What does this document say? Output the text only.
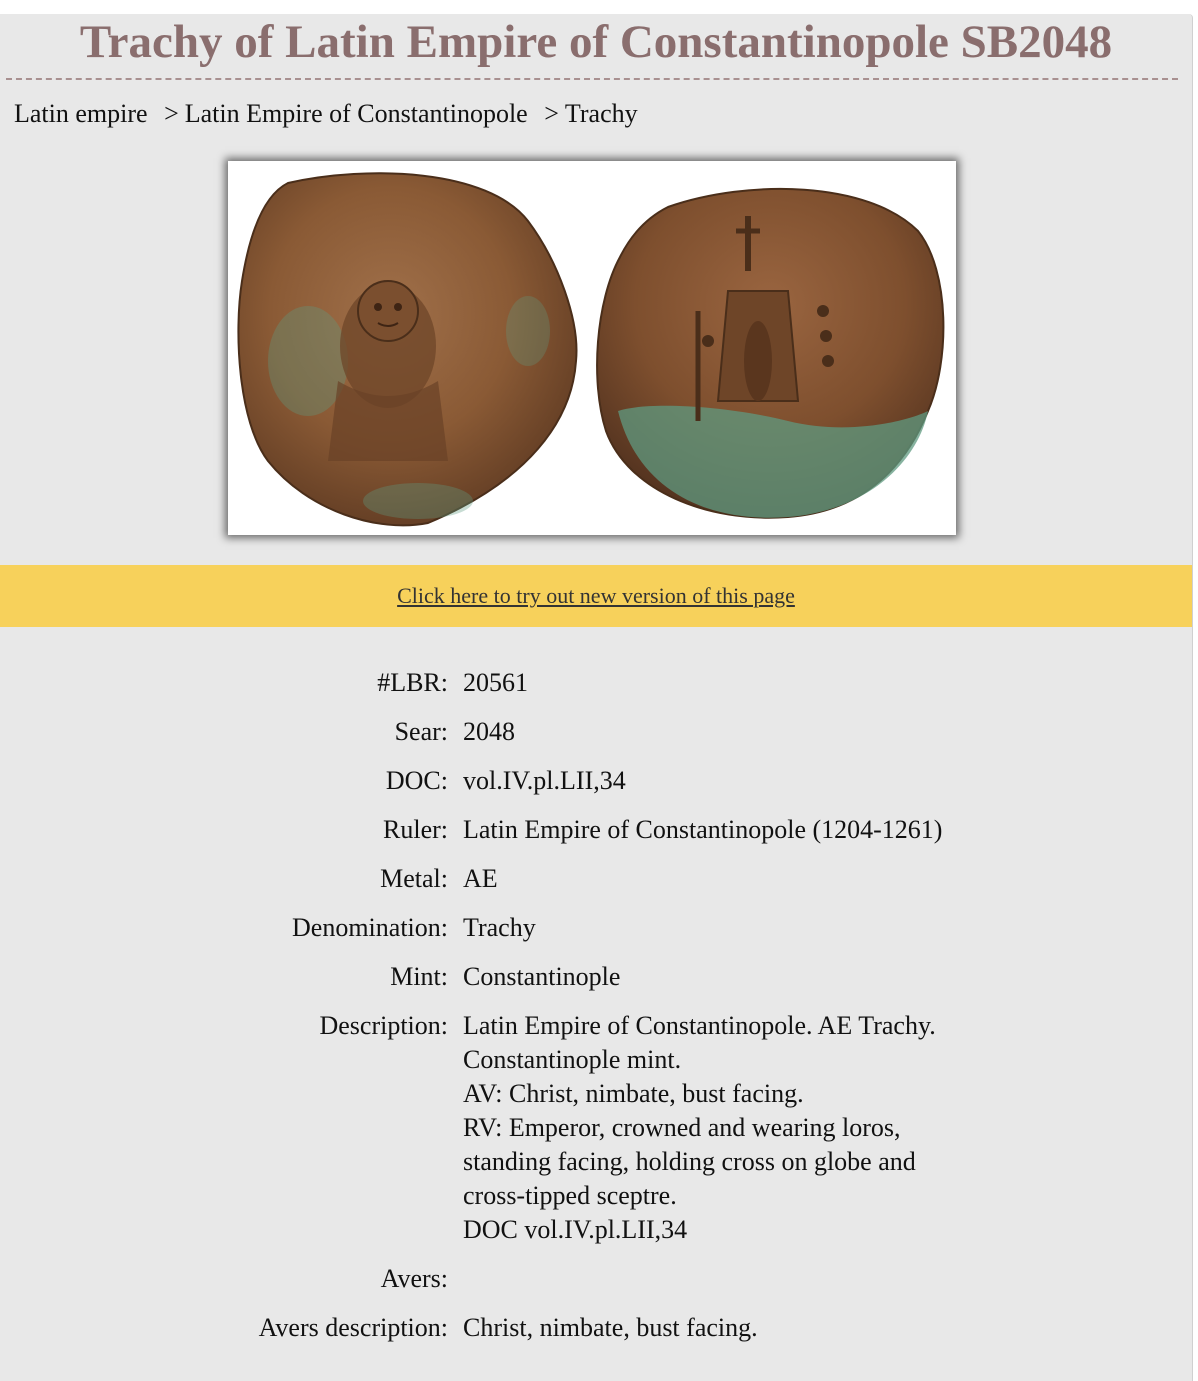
Trachy of Latin Empire of Constantinopole SB2048
Latin empire > Latin Empire of Constantinopole > Trachy
Click here to try out new version of this page
#LBR: 20561
Sear: 2048
DOC: vol.IV.pl.LII,34
Ruler: Latin Empire of Constantinopole (1204-1261)
Metal: AE
Denomination: Trachy
Mint: Constantinople
Description: Latin Empire of Constantinopole. AE Trachy. Constantinople mint.
AV: Christ, nimbate, bust facing.
RV: Emperor, crowned and wearing loros, standing facing, holding cross on globe and cross-tipped sceptre.
DOC vol.IV.pl.LII,34
Avers:
Avers description: Christ, nimbate, bust facing.
